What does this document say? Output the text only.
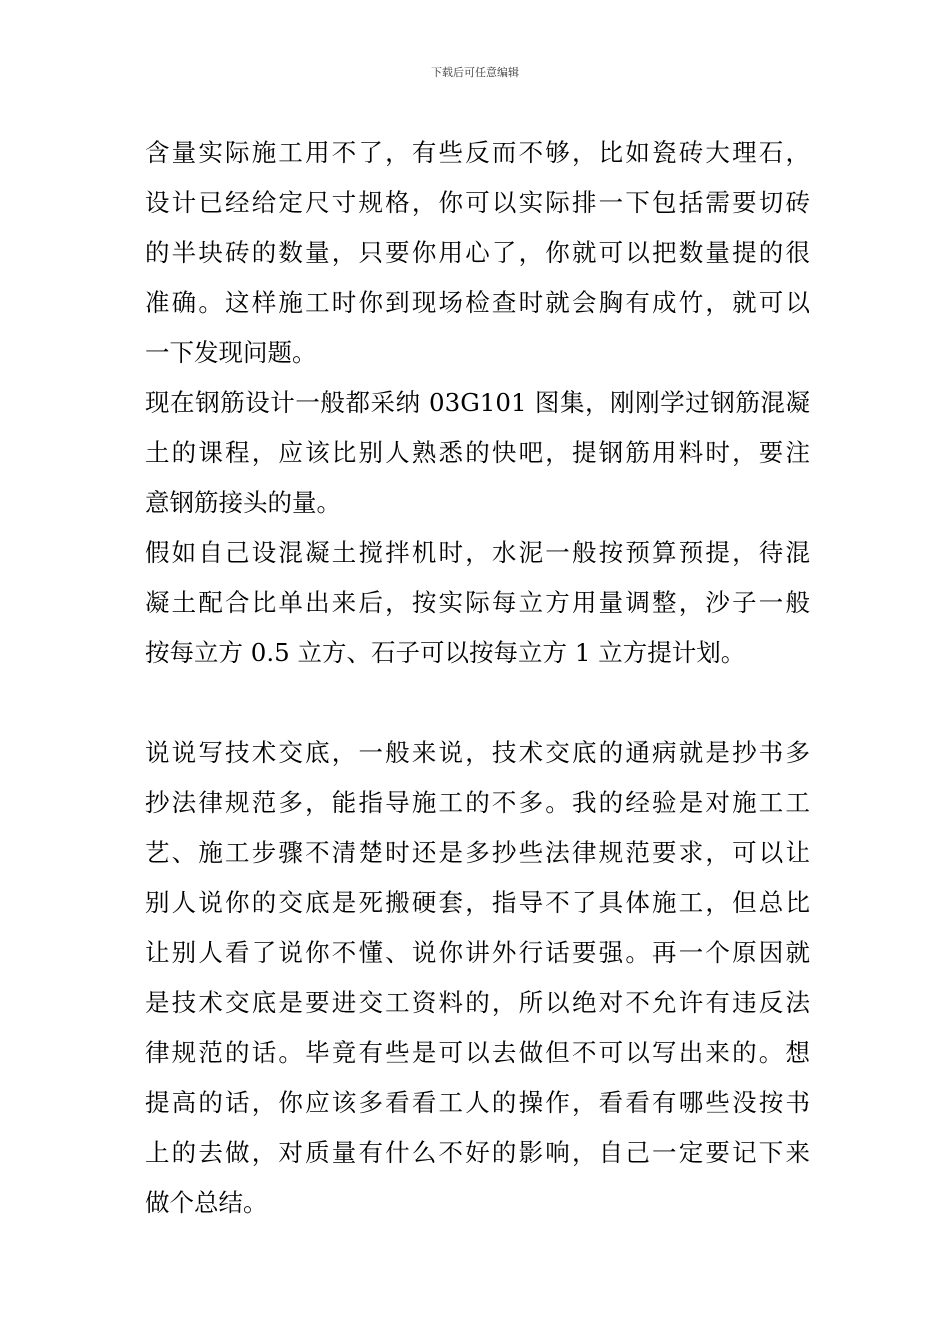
下载后可任意编辑
含量实际施工用不了，有些反而不够，比如瓷砖大理石，
设计已经给定尺寸规格，你可以实际排一下包括需要切砖
的半块砖的数量，只要你用心了，你就可以把数量提的很
准确。这样施工时你到现场检查时就会胸有成竹，就可以
一下发现问题。
现在钢筋设计一般都采纳 03G101 图集，刚刚学过钢筋混凝
土的课程，应该比别人熟悉的快吧，提钢筋用料时，要注
意钢筋接头的量。
假如自己设混凝土搅拌机时，水泥一般按预算预提，待混
凝土配合比单出来后，按实际每立方用量调整，沙子一般
按每立方 0.5 立方、石子可以按每立方 1 立方提计划。
说说写技术交底，一般来说，技术交底的通病就是抄书多
抄法律规范多，能指导施工的不多。我的经验是对施工工
艺、施工步骤不清楚时还是多抄些法律规范要求，可以让
别人说你的交底是死搬硬套，指导不了具体施工，但总比
让别人看了说你不懂、说你讲外行话要强。再一个原因就
是技术交底是要进交工资料的，所以绝对不允许有违反法
律规范的话。毕竟有些是可以去做但不可以写出来的。想
提高的话，你应该多看看工人的操作，看看有哪些没按书
上的去做，对质量有什么不好的影响，自己一定要记下来
做个总结。
